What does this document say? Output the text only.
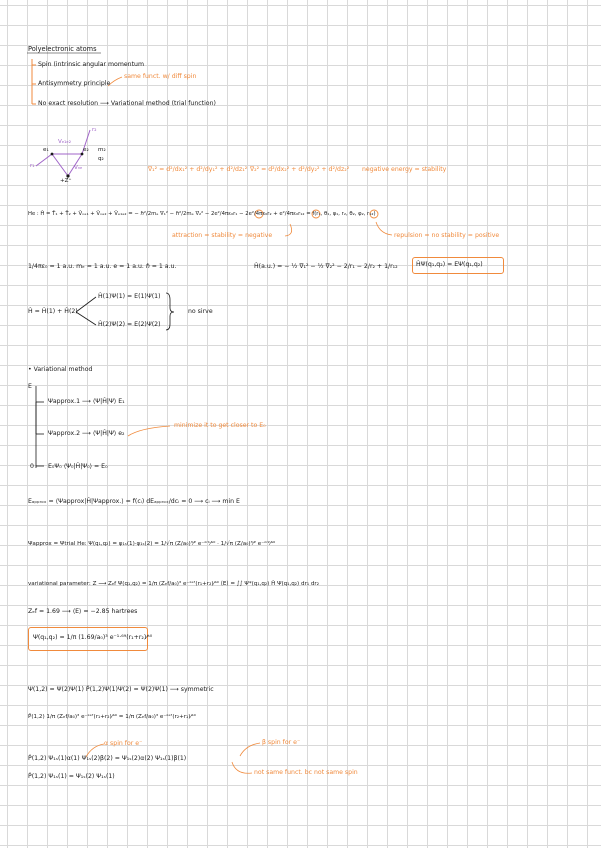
Polyelectronic atoms
Spin (intrinsic angular momentum
Antisymmetry principle
same funct. w/ diff spin
No exact resolution ⟶ Variational method (trial function)
e₁	e₂
Vₑ₁ₑ₂
Vₙₑ
r₁
r₂
m₂
q₂
+Z⁺
∇₁² = d²/dx₁² + d²/dy₁² + d²/dz₁² ∇₂² = d²/dx₂² + d²/dy₂² + d²/dz₂² negative energy = stability
He : Ĥ = T̂₁ + T̂₂ + V̂ₙₑ₁ + V̂ₙₑ₂ + V̂ₑ₁ₑ₂ = − ℏ²/2mₑ ∇₁² − ℏ²/2mₑ ∇₂² − 2e²/4πε₀r₁ − 2e²/4πε₀r₂ + e²/4πε₀r₁₂ = f(r₁, θ₁, φ₁, r₂, θ₂, φ₂, r₁₂)
attraction = stability = negative	repulsion = no stability = positive
1/4πε₀ = 1 a.u. mₑ = 1 a.u. e = 1 a.u. ℏ = 1 a.u.	Ĥ(a.u.) = − ½ ∇₁² − ½ ∇₂² − 2/r₁ − 2/r₂ + 1/r₁₂	ĤΨ(q₁,q₂) = EΨ(q₁,q₂)
Ĥ = Ĥ(1) + Ĥ(2)
Ĥ(1)Ψ(1) = E(1)Ψ(1)
Ĥ(2)Ψ(2) = E(2)Ψ(2)
no sirve
• Variational method
E
Ψapprox.1 ⟶ ⟨Ψ|Ĥ|Ψ⟩ E₁
Ψapprox.2 ⟶ ⟨Ψ|Ĥ|Ψ⟩ e₂
minimize it to get closer to E₀
0 E₀Ψ₀ ⟨Ψ₀|Ĥ|Ψ₀⟩ = E₀
Eₐₚₚᵣₒₓ = ⟨Ψapprox|Ĥ|Ψapprox.⟩ = f(cᵢ) dEₐₚₚᵣₒₓ/dcᵢ = 0 ⟶ cᵢ ⟶ min E
Ψapprox = Ψtrial He: Ψ(q₁,q₂) = φ₁ₛ(1)·φ₁ₛ(2) = 1/√π (Z/a₀)³⁄² e⁻ᶻʳ¹⁄ᵃ⁰ · 1/√π (Z/a₀)³⁄² e⁻ᶻʳ²⁄ᵃ⁰
variational parameter: Z ⟶ Zₑf Ψ(q₁,q₂) = 1/π (Zₑf/a₀)³ e⁻ᶻᵉᶠ(r₁+r₂)⁄ᵃ⁰ ⟨E⟩ = ∫∫ Ψ*(q₁,q₂) Ĥ Ψ(q₁,q₂) dr₁ dr₂
Zₑf = 1.69 ⟶ ⟨E⟩ = −2.85 hartrees
Ψ(q₁,q₂) = 1/π (1.69/a₀)³ e⁻¹·⁶⁹(r₁+r₂)⁄ᵃ⁰
Ψ(1,2) = Ψ(2)Ψ(1) P̂(1,2)Ψ(1)Ψ(2) = Ψ(2)Ψ(1) ⟶ symmetric
P̂(1,2) 1/π (Zₑf/a₀)³ e⁻ᶻᵉᶠ(r₁+r₂)⁄ᵃ⁰ = 1/π (Zₑf/a₀)³ e⁻ᶻᵉᶠ(r₂+r₁)⁄ᵃ⁰
α spin for e⁻	β spin for e⁻
P̂(1,2) Ψ₁ₛ(1)α(1) Ψ₁ₛ(2)β(2) = Ψ₁ₛ(2)α(2) Ψ₁ₛ(1)β(1)
P̂(1,2) Ψ₁ₛ(1) = Ψ₁ₛ(2) Ψ₁ₛ(1)
not same funct. bc not same spin
